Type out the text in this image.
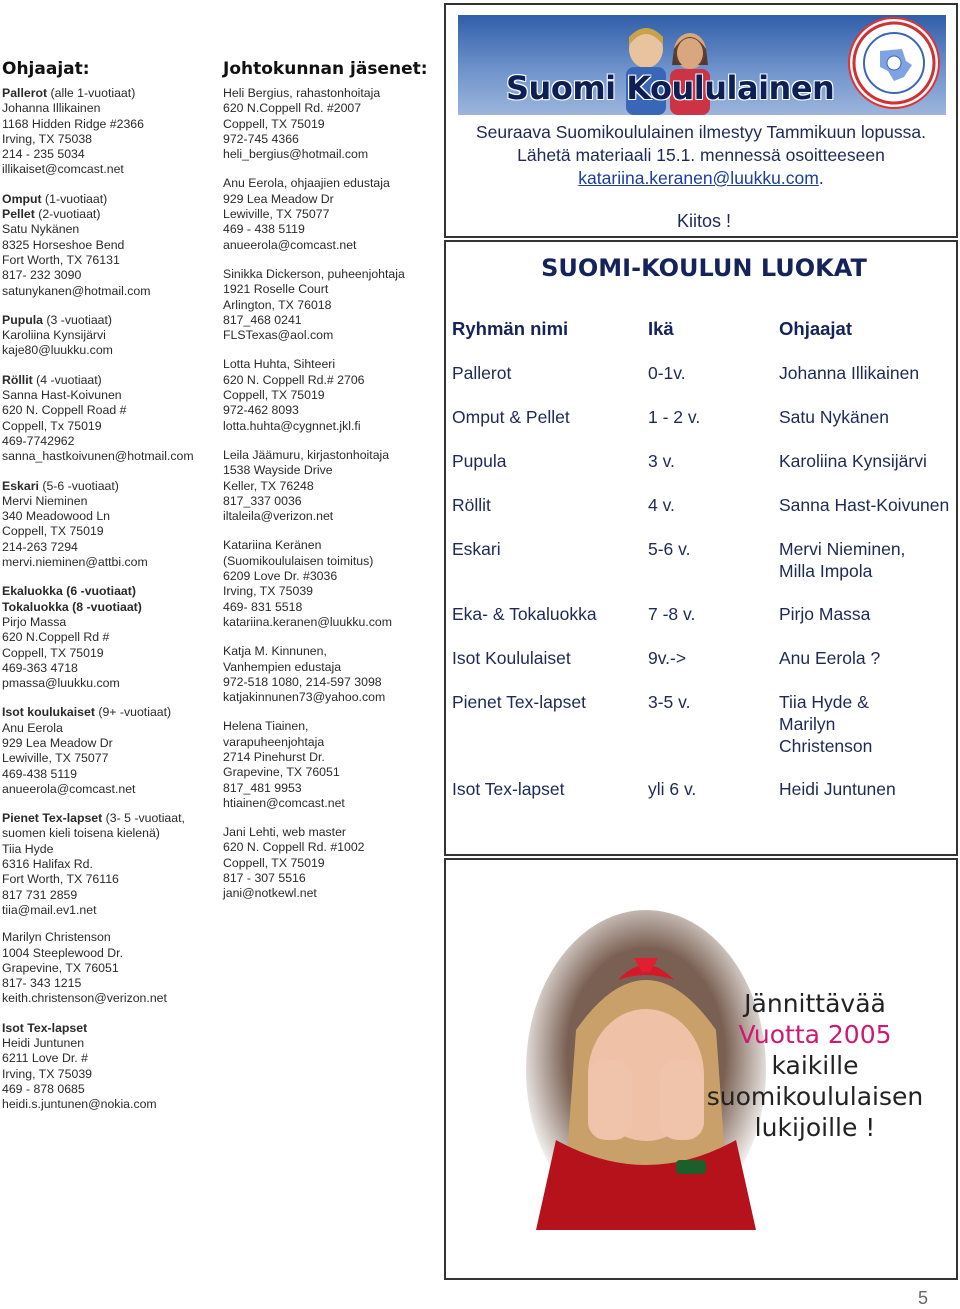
Ohjaajat:
Pallerot (alle 1-vuotiaat)
Johanna Illikainen
1168 Hidden Ridge #2366
Irving, TX 75038
214 - 235 5034
illikaiset@comcast.net
Omput (1-vuotiaat)
Pellet (2-vuotiaat)
Satu Nykänen
8325 Horseshoe Bend
Fort Worth, TX 76131
817- 232 3090
satunykanen@hotmail.com
Pupula (3 -vuotiaat)
Karoliina Kynsijärvi
kaje80@luukku.com
Röllit (4 -vuotiaat)
Sanna Hast-Koivunen
620 N. Coppell Road #
Coppell, Tx 75019
469-7742962
sanna_hastkoivunen@hotmail.com
Eskari (5-6 -vuotiaat)
Mervi Nieminen
340 Meadowood Ln
Coppell, TX 75019
214-263 7294
mervi.nieminen@attbi.com
Ekaluokka (6 -vuotiaat)
Tokaluokka (8 -vuotiaat)
Pirjo Massa
620 N.Coppell Rd #
Coppell, TX 75019
469-363 4718
pmassa@luukku.com
Isot koulukaiset (9+ -vuotiaat)
Anu Eerola
929 Lea Meadow Dr
Lewiville, TX 75077
469-438 5119
anueerola@comcast.net
Pienet Tex-lapset (3- 5 -vuotiaat, suomen kieli toisena kielenä)
Tiia Hyde
6316 Halifax Rd.
Fort Worth, TX 76116
817 731 2859
tiia@mail.ev1.net
Marilyn Christenson
1004 Steeplewood Dr.
Grapevine, TX 76051
817- 343 1215
keith.christenson@verizon.net
Isot Tex-lapset
Heidi Juntunen
6211 Love Dr. #
Irving, TX 75039
469 - 878 0685
heidi.s.juntunen@nokia.com
Johtokunnan jäsenet:
Heli Bergius, rahastonhoitaja
620 N.Coppell Rd. #2007
Coppell, TX 75019
972-745 4366
heli_bergius@hotmail.com
Anu Eerola, ohjaajien edustaja
929 Lea Meadow Dr
Lewiville, TX 75077
469 - 438 5119
anueerola@comcast.net
Sinikka Dickerson, puheenjohtaja
1921 Roselle Court
Arlington, TX 76018
817_468 0241
FLSTexas@aol.com
Lotta Huhta, Sihteeri
620 N. Coppell Rd.# 2706
Coppell, TX 75019
972-462 8093
lotta.huhta@cygnnet.jkl.fi
Leila Jäämuru, kirjastonhoitaja
1538 Wayside Drive
Keller, TX 76248
817_337 0036
iltaleila@verizon.net
Katariina Keränen
(Suomikoululaisen toimitus)
6209 Love Dr. #3036
Irving, TX 75039
469- 831 5518
katariina.keranen@luukku.com
Katja M. Kinnunen,
Vanhempien edustaja
972-518 1080, 214-597 3098
katjakinnunen73@yahoo.com
Helena Tiainen,
varapuheenjohtaja
2714 Pinehurst Dr.
Grapevine, TX 76051
817_481 9953
htiainen@comcast.net
Jani Lehti, web master
620 N. Coppell Rd. #1002
Coppell, TX 75019
817 - 307 5516
jani@notkewl.net
Suomi Koululainen
Seuraava Suomikoululainen ilmestyy Tammikuun lopussa.
Lähetä materiaali 15.1. mennessä osoitteeseen
katariina.keranen@luukku.com.
Kiitos !
SUOMI-KOULUN LUOKAT
Ryhmän nimi	Ikä	Ohjaajat
Pallerot	0-1v.	Johanna Illikainen
Omput & Pellet	1 - 2 v.	Satu Nykänen
Pupula	3 v.	Karoliina Kynsijärvi
Röllit	4 v.	Sanna Hast-Koivunen
Eskari	5-6 v.	Mervi Nieminen,
Milla Impola
Eka- & Tokaluokka	7 -8 v.	Pirjo Massa
Isot Koululaiset	9v.->	Anu Eerola ?
Pienet Tex-lapset	3-5 v.	Tiia Hyde &
Marilyn
Christenson
Isot Tex-lapset	yli 6 v.	Heidi Juntunen
Jännittävää
Vuotta 2005
kaikille
suomikoululaisen
lukijoille !
5
